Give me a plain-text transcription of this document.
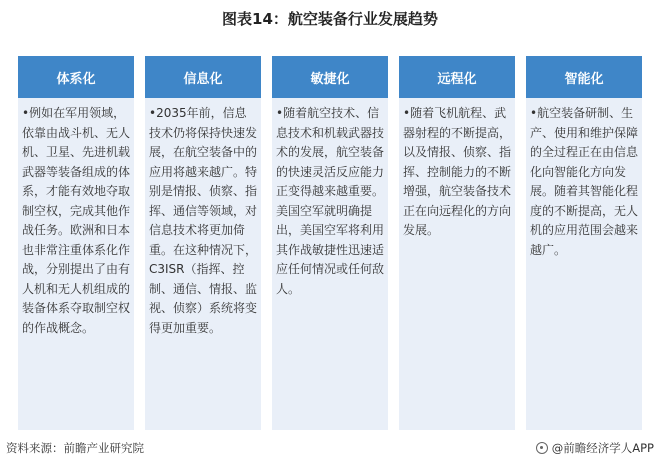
图表14：航空装备行业发展趋势
体系化
•例如在军用领域，依靠由战斗机、无人机、卫星、先进机载武器等装备组成的体系，才能有效地夺取制空权，完成其他作战任务。欧洲和日本也非常注重体系化作战，分别提出了由有人机和无人机组成的装备体系夺取制空权的作战概念。
信息化
•2035年前，信息技术仍将保持快速发展，在航空装备中的应用将越来越广。特别是情报、侦察、指挥、通信等领域，对信息技术将更加倚重。在这种情况下，C3ISR（指挥、控制、通信、情报、监视、侦察）系统将变得更加重要。
敏捷化
•随着航空技术、信息技术和机载武器技术的发展，航空装备的快速灵活反应能力正变得越来越重要。美国空军就明确提出，美国空军将利用其作战敏捷性迅速适应任何情况或任何敌人。
远程化
•随着飞机航程、武器射程的不断提高，以及情报、侦察、指挥、控制能力的不断增强，航空装备技术正在向远程化的方向发展。
智能化
•航空装备研制、生产、使用和维护保障的全过程正在由信息化向智能化方向发展。随着其智能化程度的不断提高，无人机的应用范围会越来越广。
资料来源：前瞻产业研究院	@前瞻经济学人APP
